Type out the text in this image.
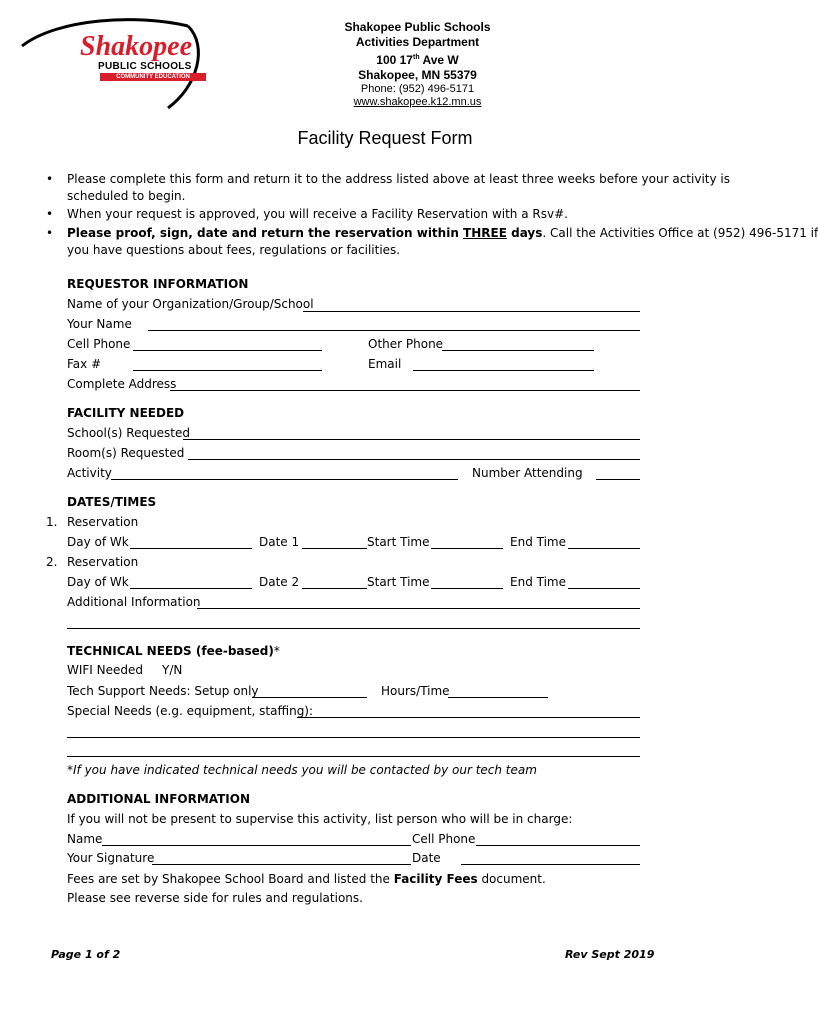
Shakopee
PUBLIC SCHOOLS
COMMUNITY EDUCATION
Shakopee Public Schools
Activities Department
100 17th Ave W
Shakopee, MN 55379
Phone: (952) 496-5171
www.shakopee.k12.mn.us
Facility Request Form
• Please complete this form and return it to the address listed above at least three weeks before your activity is
scheduled to begin.
• When your request is approved, you will receive a Facility Reservation with a Rsv#.
• Please proof, sign, date and return the reservation within THREE days. Call the Activities Office at (952) 496-5171 if
you have questions about fees, regulations or facilities.
REQUESTOR INFORMATION
Name of your Organization/Group/School
Your Name
Cell Phone	Other Phone
Fax #	Email
Complete Address
FACILITY NEEDED
School(s) Requested
Room(s) Requested
Activity	Number Attending
DATES/TIMES
1. Reservation
Day of Wk	Date 1	Start Time	End Time
2. Reservation
Day of Wk	Date 2	Start Time	End Time
Additional Information
TECHNICAL NEEDS (fee-based)*
WIFI Needed Y/N
Tech Support Needs: Setup only	Hours/Time
Special Needs (e.g. equipment, staffing):
*If you have indicated technical needs you will be contacted by our tech team
ADDITIONAL INFORMATION
If you will not be present to supervise this activity, list person who will be in charge:
Name	Cell Phone
Your Signature	Date
Fees are set by Shakopee School Board and listed the Facility Fees document.
Please see reverse side for rules and regulations.
Page 1 of 2	Rev Sept 2019
